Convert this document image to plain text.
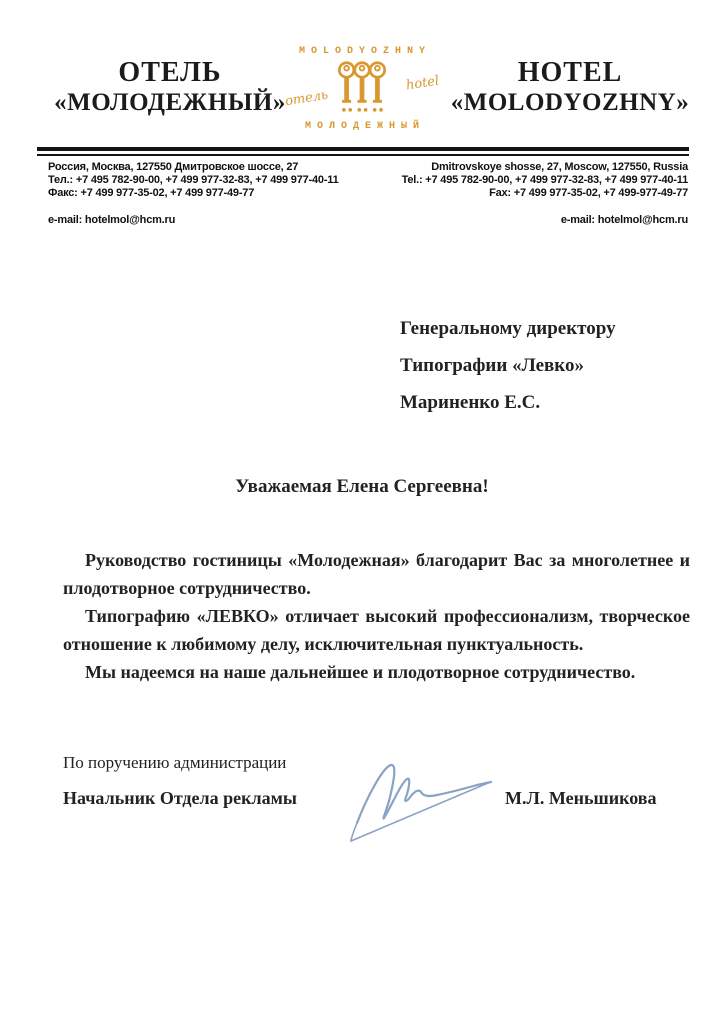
ОТЕЛЬ
«МОЛОДЕЖНЫЙ»
MOLODYOZHNY
отель
hotel
МОЛОДЕЖНЫЙ
HOTEL
«MOLODYOZHNY»
Россия, Москва, 127550 Дмитровское шоссе, 27
Тел.: +7 495 782-90-00, +7 499 977-32-83, +7 499 977-40-11
Факс: +7 499 977-35-02, +7 499 977-49-77
e-mail: hotelmol@hcm.ru
Dmitrovskoye shosse, 27, Moscow, 127550, Russia
Tel.: +7 495 782-90-00, +7 499 977-32-83, +7 499 977-40-11
Fax: +7 499 977-35-02, +7 499-977-49-77
e-mail: hotelmol@hcm.ru
Генеральному директору
Типографии «Левко»
Мариненко Е.С.
Уважаемая Елена Сергеевна!

Руководство гостиницы «Молодежная» благодарит Вас за многолетнее и плодотворное сотрудничество.

Типографию «ЛЕВКО» отличает высокий профессионализм, творческое отношение к любимому делу, исключительная пунктуальность.

Мы надеемся на наше дальнейшее и плодотворное сотрудничество.

По поручению администрации
Начальник Отдела рекламы	М.Л. Меньшикова
